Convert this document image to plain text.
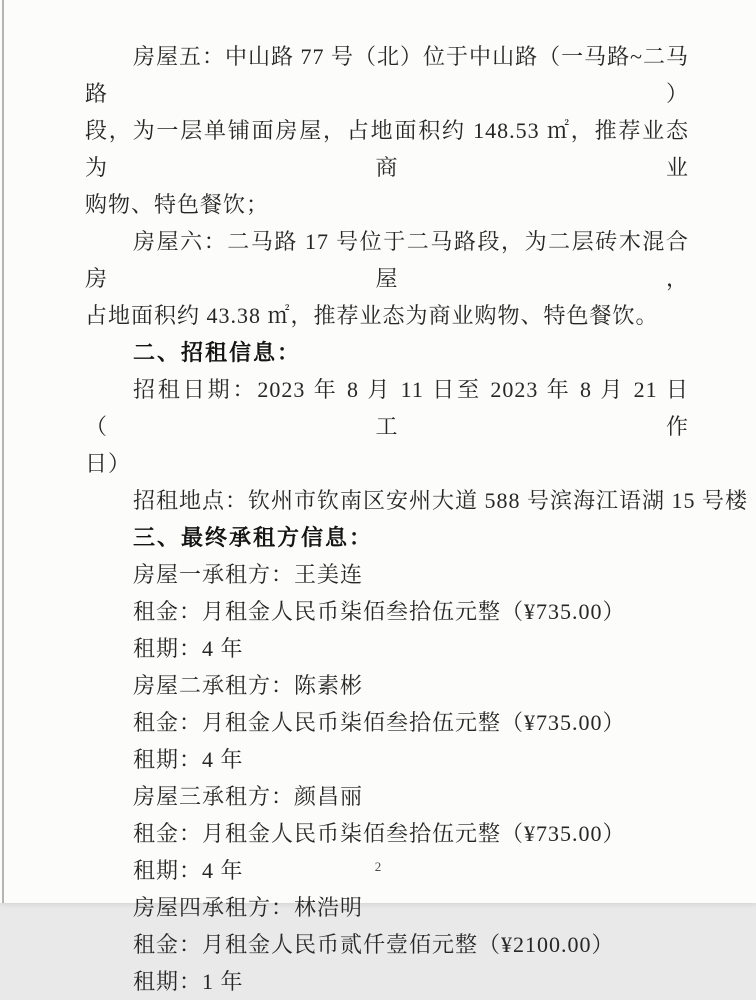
房屋五：中山路 77 号（北）位于中山路（一马路~二马路）
段，为一层单铺面房屋，占地面积约 148.53 ㎡，推荐业态为商业
购物、特色餐饮；
房屋六：二马路 17 号位于二马路段，为二层砖木混合房屋，
占地面积约 43.38 ㎡，推荐业态为商业购物、特色餐饮。
二、招租信息：
招租日期：2023 年 8 月 11 日至 2023 年 8 月 21 日（工作
日）
招租地点：钦州市钦南区安州大道 588 号滨海江语湖 15 号楼
三、最终承租方信息：
房屋一承租方：王美连
租金：月租金人民币柒佰叁拾伍元整（¥735.00）
租期：4 年
房屋二承租方：陈素彬
租金：月租金人民币柒佰叁拾伍元整（¥735.00）
租期：4 年
房屋三承租方：颜昌丽
租金：月租金人民币柒佰叁拾伍元整（¥735.00）
租期：4 年
房屋四承租方：林浩明
租金：月租金人民币贰仟壹佰元整（¥2100.00）
租期：1 年
2
